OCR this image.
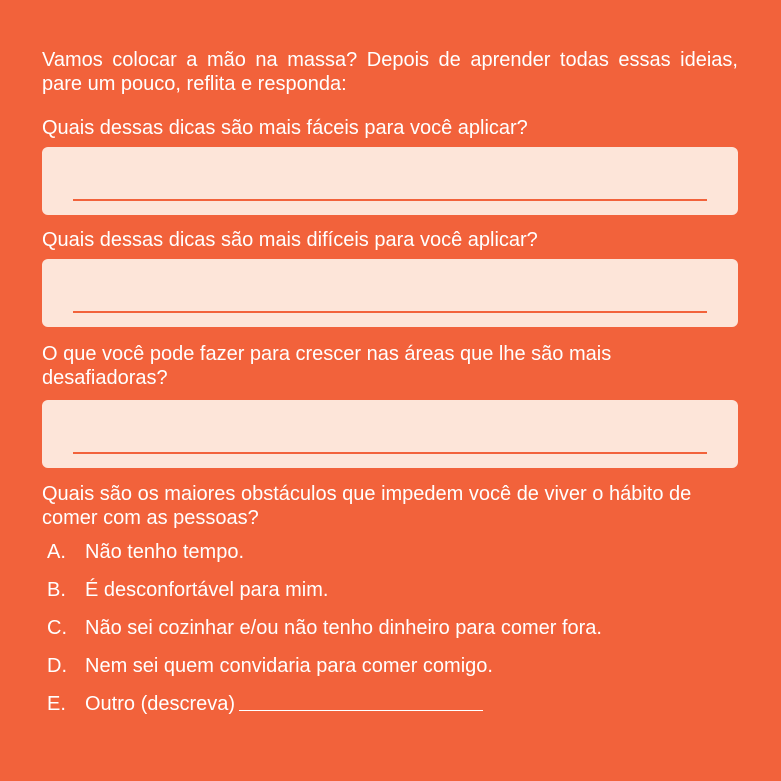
Vamos colocar a mão na massa? Depois de aprender todas essas ideias, pare um pouco, reflita e responda:
Quais dessas dicas são mais fáceis para você aplicar?
Quais dessas dicas são mais difíceis para você aplicar?
O que você pode fazer para crescer nas áreas que lhe são mais desafiadoras?
Quais são os maiores obstáculos que impedem você de viver o hábito de comer com as pessoas?
A. Não tenho tempo.
B. É desconfortável para mim.
C. Não sei cozinhar e/ou não tenho dinheiro para comer fora.
D. Nem sei quem convidaria para comer comigo.
E. Outro (descreva)
